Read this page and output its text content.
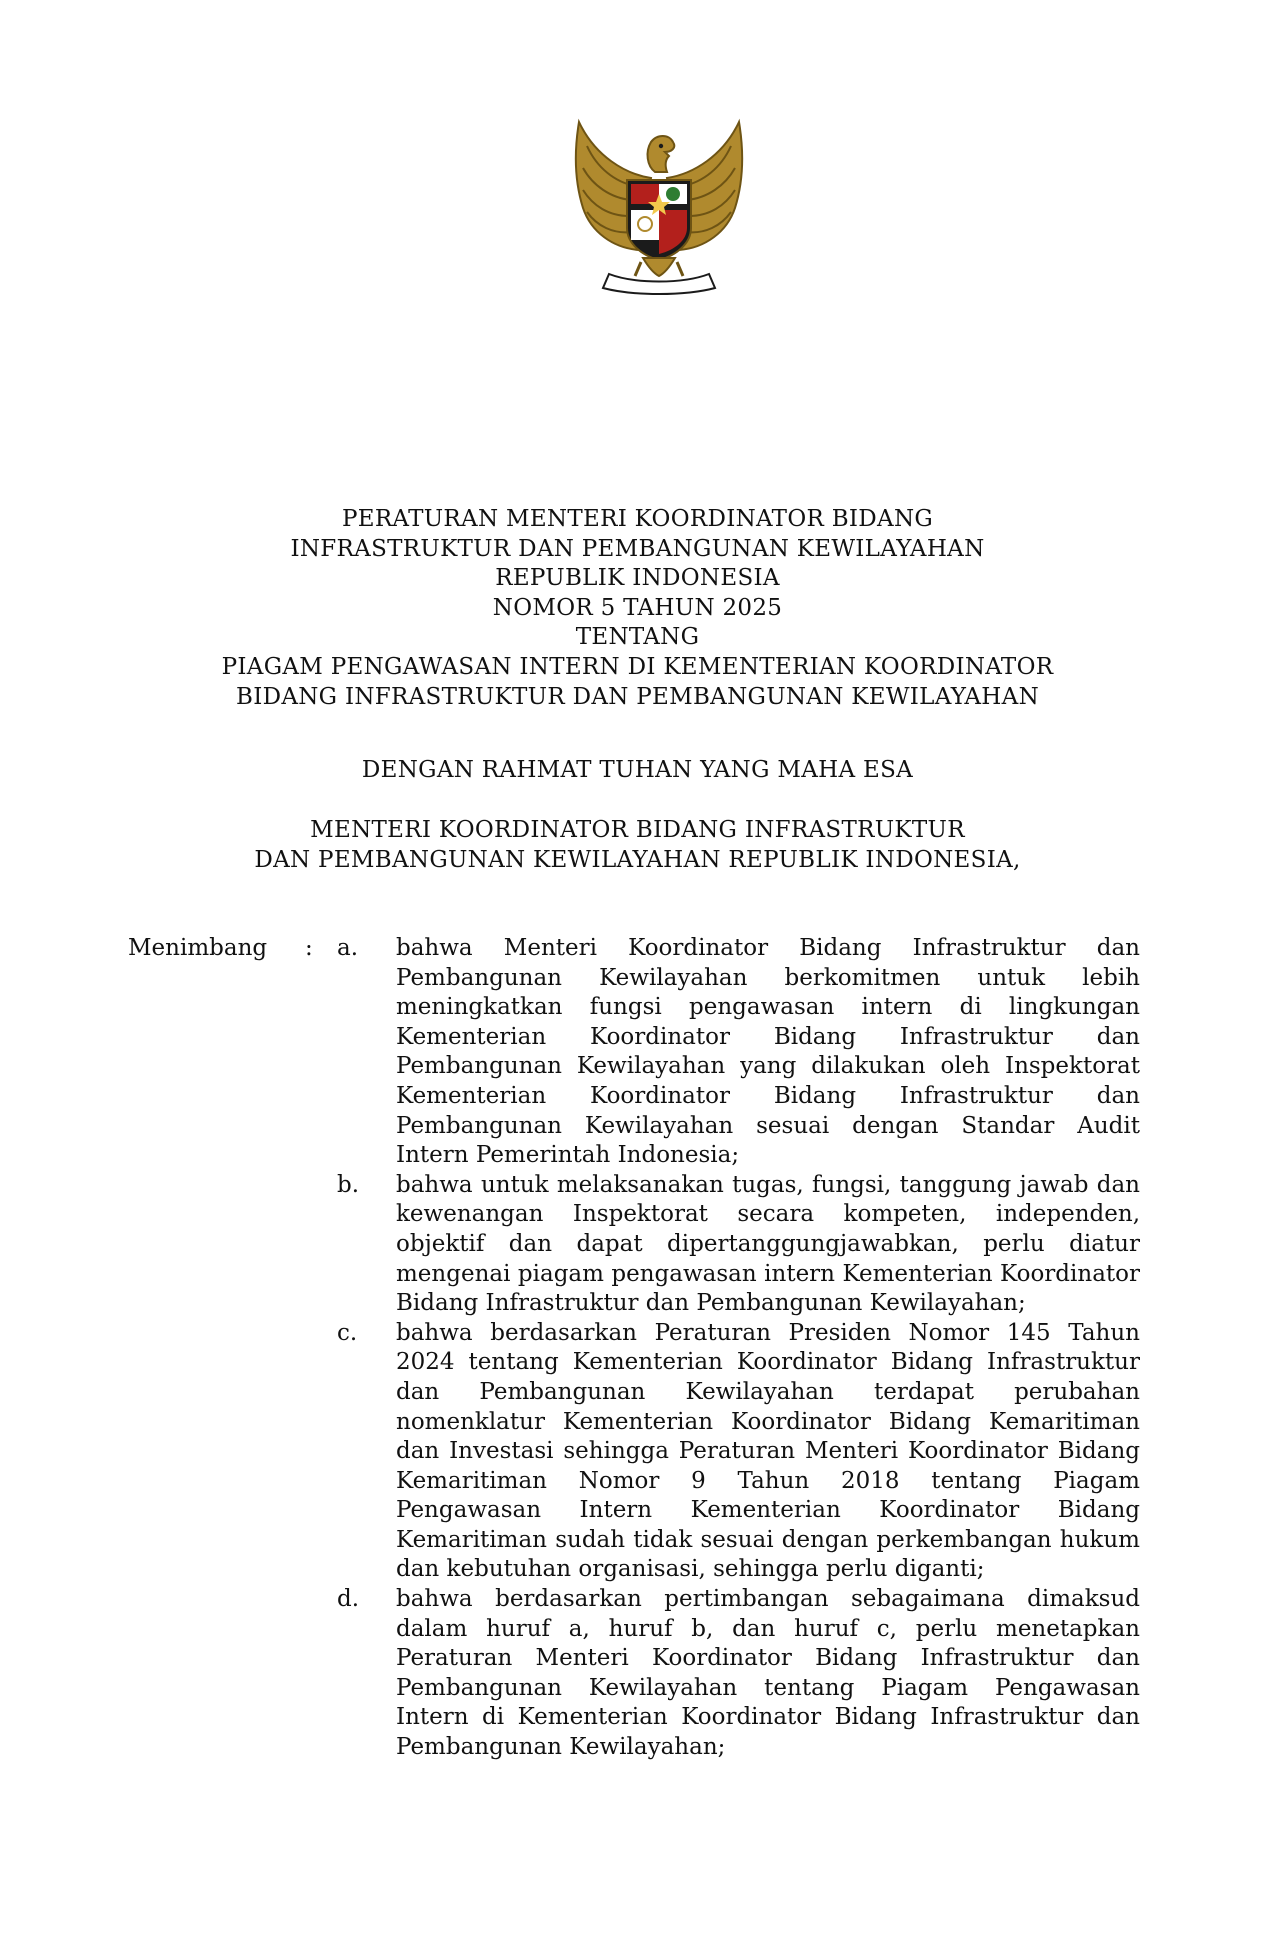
PERATURAN MENTERI KOORDINATOR BIDANG
INFRASTRUKTUR DAN PEMBANGUNAN KEWILAYAHAN
REPUBLIK INDONESIA
NOMOR 5 TAHUN 2025
TENTANG
PIAGAM PENGAWASAN INTERN DI KEMENTERIAN KOORDINATOR
BIDANG INFRASTRUKTUR DAN PEMBANGUNAN KEWILAYAHAN
DENGAN RAHMAT TUHAN YANG MAHA ESA
MENTERI KOORDINATOR BIDANG INFRASTRUKTUR
DAN PEMBANGUNAN KEWILAYAHAN REPUBLIK INDONESIA,
Menimbang : a. bahwa Menteri Koordinator Bidang Infrastruktur dan Pembangunan Kewilayahan berkomitmen untuk lebih meningkatkan fungsi pengawasan intern di lingkungan Kementerian Koordinator Bidang Infrastruktur dan Pembangunan Kewilayahan yang dilakukan oleh Inspektorat Kementerian Koordinator Bidang Infrastruktur dan Pembangunan Kewilayahan sesuai dengan Standar Audit Intern Pemerintah Indonesia;
b. bahwa untuk melaksanakan tugas, fungsi, tanggung jawab dan kewenangan Inspektorat secara kompeten, independen, objektif dan dapat dipertanggungjawabkan, perlu diatur mengenai piagam pengawasan intern Kementerian Koordinator Bidang Infrastruktur dan Pembangunan Kewilayahan;
c. bahwa berdasarkan Peraturan Presiden Nomor 145 Tahun 2024 tentang Kementerian Koordinator Bidang Infrastruktur dan Pembangunan Kewilayahan terdapat perubahan nomenklatur Kementerian Koordinator Bidang Kemaritiman dan Investasi sehingga Peraturan Menteri Koordinator Bidang Kemaritiman Nomor 9 Tahun 2018 tentang Piagam Pengawasan Intern Kementerian Koordinator Bidang Kemaritiman sudah tidak sesuai dengan perkembangan hukum dan kebutuhan organisasi, sehingga perlu diganti;
d. bahwa berdasarkan pertimbangan sebagaimana dimaksud dalam huruf a, huruf b, dan huruf c, perlu menetapkan Peraturan Menteri Koordinator Bidang Infrastruktur dan Pembangunan Kewilayahan tentang Piagam Pengawasan Intern di Kementerian Koordinator Bidang Infrastruktur dan Pembangunan Kewilayahan;
